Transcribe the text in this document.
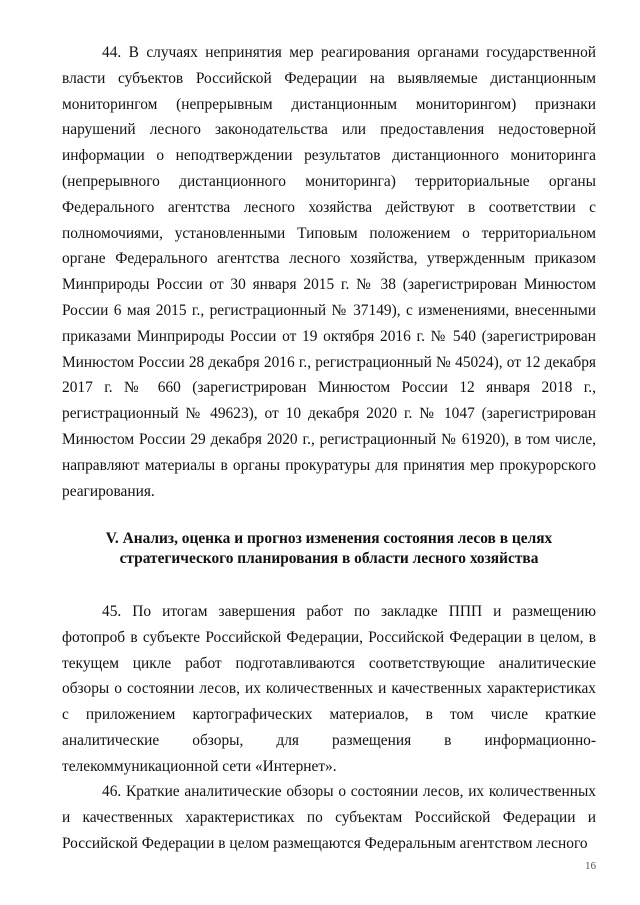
44. В случаях непринятия мер реагирования органами государственной власти субъектов Российской Федерации на выявляемые дистанционным мониторингом (непрерывным дистанционным мониторингом) признаки нарушений лесного законодательства или предоставления недостоверной информации о неподтверждении результатов дистанционного мониторинга (непрерывного дистанционного мониторинга) территориальные органы Федерального агентства лесного хозяйства действуют в соответствии с полномочиями, установленными Типовым положением о территориальном органе Федерального агентства лесного хозяйства, утвержденным приказом Минприроды России от 30 января 2015 г. № 38 (зарегистрирован Минюстом России 6 мая 2015 г., регистрационный № 37149), с изменениями, внесенными приказами Минприроды России от 19 октября 2016 г. № 540 (зарегистрирован Минюстом России 28 декабря 2016 г., регистрационный № 45024), от 12 декабря 2017 г. № 660 (зарегистрирован Минюстом России 12 января 2018 г., регистрационный № 49623), от 10 декабря 2020 г. № 1047 (зарегистрирован Минюстом России 29 декабря 2020 г., регистрационный № 61920), в том числе, направляют материалы в органы прокуратуры для принятия мер прокурорского реагирования.

V. Анализ, оценка и прогноз изменения состояния лесов в целях
стратегического планирования в области лесного хозяйства

45. По итогам завершения работ по закладке ППП и размещению фотопроб в субъекте Российской Федерации, Российской Федерации в целом, в текущем цикле работ подготавливаются соответствующие аналитические обзоры о состоянии лесов, их количественных и качественных характеристиках с приложением картографических материалов, в том числе краткие аналитические обзоры, для размещения в информационно-телекоммуникационной сети «Интернет».

46. Краткие аналитические обзоры о состоянии лесов, их количественных и качественных характеристиках по субъектам Российской Федерации и Российской Федерации в целом размещаются Федеральным агентством лесного

16
